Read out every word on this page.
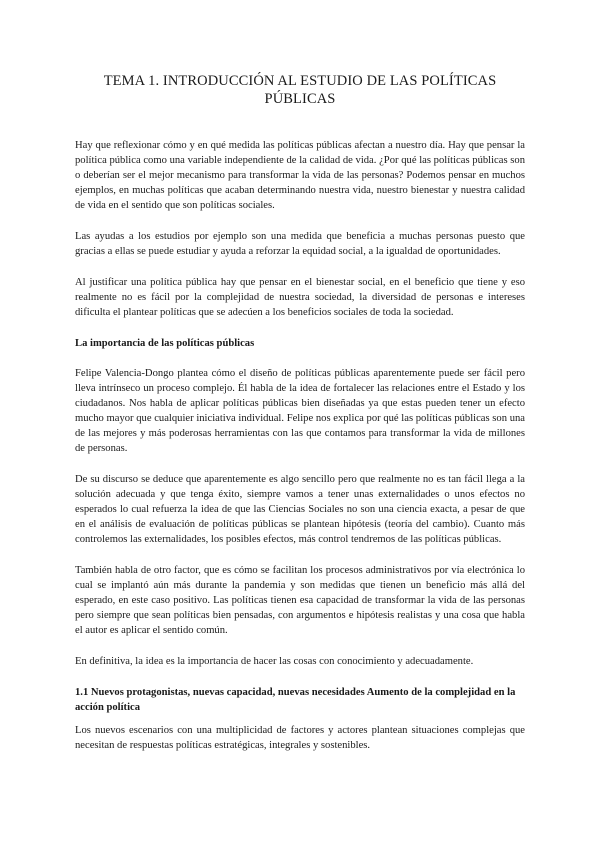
TEMA 1. INTRODUCCIÓN AL ESTUDIO DE LAS POLÍTICAS PÚBLICAS

Hay que reflexionar cómo y en qué medida las políticas públicas afectan a nuestro día. Hay que pensar la política pública como una variable independiente de la calidad de vida. ¿Por qué las políticas públicas son o deberían ser el mejor mecanismo para transformar la vida de las personas? Podemos pensar en muchos ejemplos, en muchas políticas que acaban determinando nuestra vida, nuestro bienestar y nuestra calidad de vida en el sentido que son políticas sociales.

Las ayudas a los estudios por ejemplo son una medida que beneficia a muchas personas puesto que gracias a ellas se puede estudiar y ayuda a reforzar la equidad social, a la igualdad de oportunidades.

Al justificar una política pública hay que pensar en el bienestar social, en el beneficio que tiene y eso realmente no es fácil por la complejidad de nuestra sociedad, la diversidad de personas e intereses dificulta el plantear políticas que se adecúen a los beneficios sociales de toda la sociedad.

La importancia de las políticas públicas

Felipe Valencia-Dongo plantea cómo el diseño de políticas públicas aparentemente puede ser fácil pero lleva intrínseco un proceso complejo. Él habla de la idea de fortalecer las relaciones entre el Estado y los ciudadanos. Nos habla de aplicar políticas públicas bien diseñadas ya que estas pueden tener un efecto mucho mayor que cualquier iniciativa individual. Felipe nos explica por qué las políticas públicas son una de las mejores y más poderosas herramientas con las que contamos para transformar la vida de millones de personas.

De su discurso se deduce que aparentemente es algo sencillo pero que realmente no es tan fácil llega a la solución adecuada y que tenga éxito, siempre vamos a tener unas externalidades o unos efectos no esperados lo cual refuerza la idea de que las Ciencias Sociales no son una ciencia exacta, a pesar de que en el análisis de evaluación de políticas públicas se plantean hipótesis (teoría del cambio). Cuanto más controlemos las externalidades, los posibles efectos, más control tendremos de las políticas públicas.

También habla de otro factor, que es cómo se facilitan los procesos administrativos por vía electrónica lo cual se implantó aún más durante la pandemia y son medidas que tienen un beneficio más allá del esperado, en este caso positivo. Las políticas tienen esa capacidad de transformar la vida de las personas pero siempre que sean políticas bien pensadas, con argumentos e hipótesis realistas y una cosa que habla el autor es aplicar el sentido común.

En definitiva, la idea es la importancia de hacer las cosas con conocimiento y adecuadamente.

1.1 Nuevos protagonistas, nuevas capacidad, nuevas necesidades Aumento de la complejidad en la acción política

Los nuevos escenarios con una multiplicidad de factores y actores plantean situaciones complejas que necesitan de respuestas políticas estratégicas, integrales y sostenibles.
